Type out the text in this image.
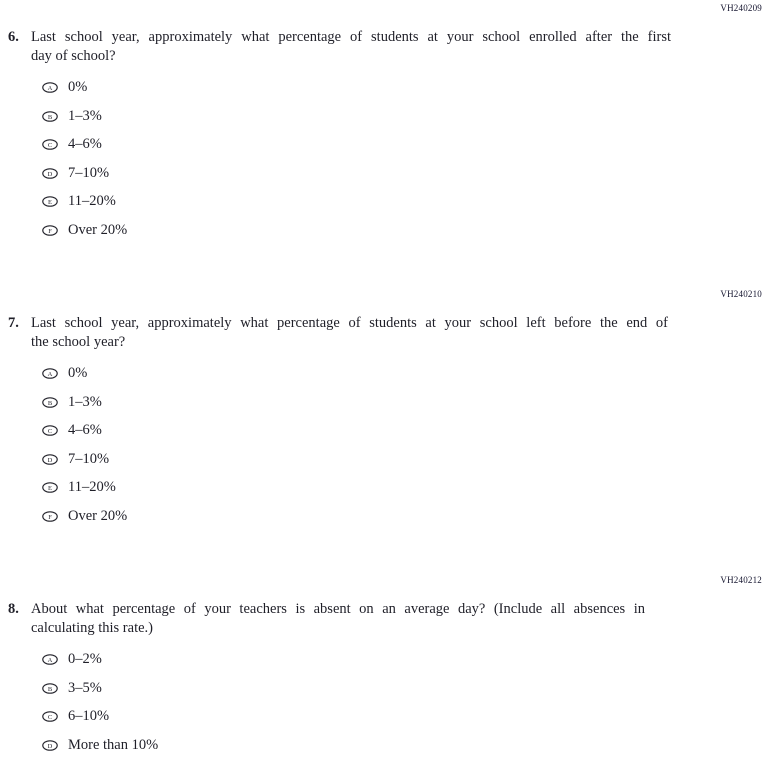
VH240209
6. Last school year, approximately what percentage of students at your school enrolled after the first
day of school?
A 0%
B 1–3%
C 4–6%
D 7–10%
E 11–20%
F Over 20%
VH240210
7. Last school year, approximately what percentage of students at your school left before the end of
the school year?
A 0%
B 1–3%
C 4–6%
D 7–10%
E 11–20%
F Over 20%
VH240212
8. About what percentage of your teachers is absent on an average day? (Include all absences in
calculating this rate.)
A 0–2%
B 3–5%
C 6–10%
D More than 10%
